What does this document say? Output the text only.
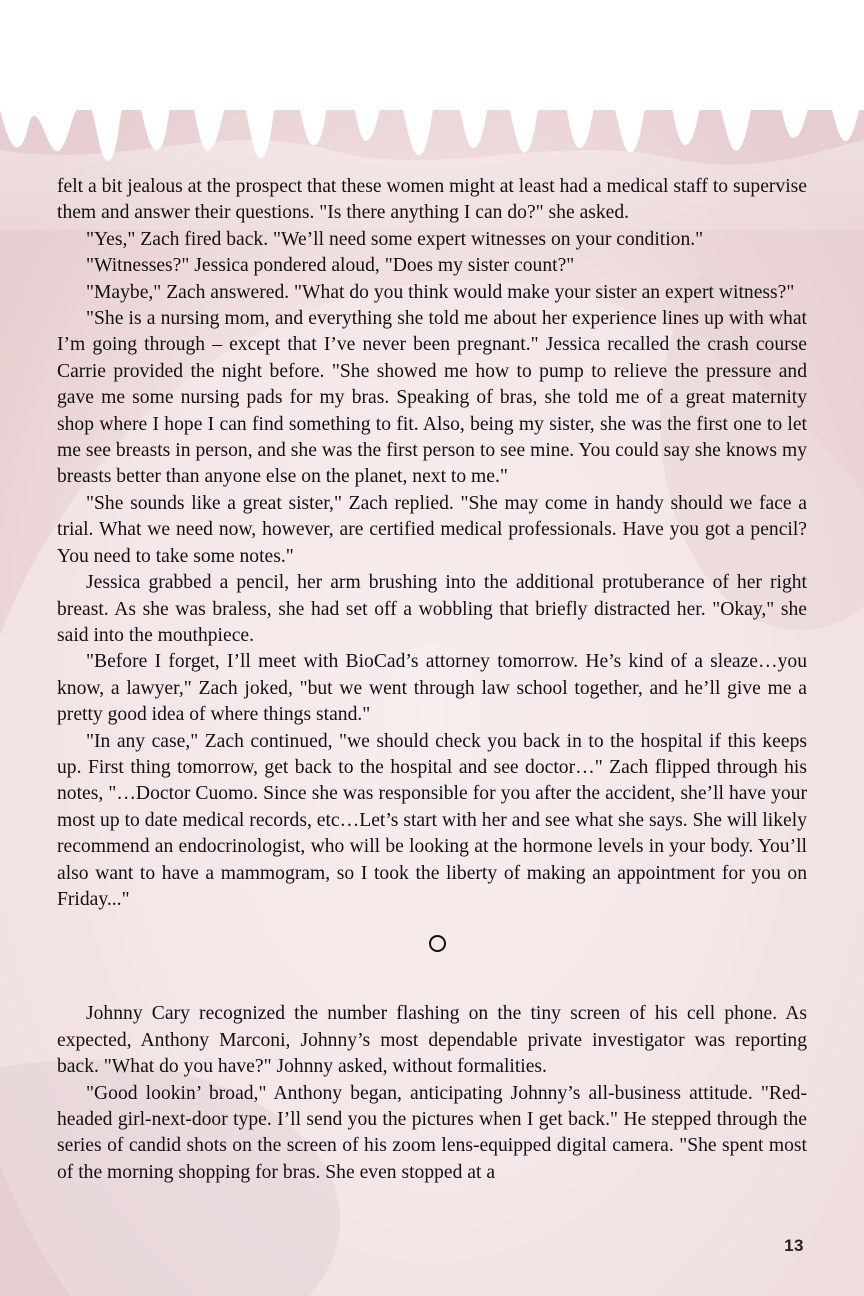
felt a bit jealous at the prospect that these women might at least had a medical staff to supervise them and answer their questions. "Is there anything I can do?" she asked.

"Yes," Zach fired back. "We’ll need some expert witnesses on your condition."

"Witnesses?" Jessica pondered aloud, "Does my sister count?"

"Maybe," Zach answered. "What do you think would make your sister an expert witness?"

"She is a nursing mom, and everything she told me about her experience lines up with what I’m going through – except that I’ve never been pregnant." Jessica recalled the crash course Carrie provided the night before. "She showed me how to pump to relieve the pressure and gave me some nursing pads for my bras. Speaking of bras, she told me of a great maternity shop where I hope I can find something to fit. Also, being my sister, she was the first one to let me see breasts in person, and she was the first person to see mine. You could say she knows my breasts better than anyone else on the planet, next to me."

"She sounds like a great sister," Zach replied. "She may come in handy should we face a trial. What we need now, however, are certified medical professionals. Have you got a pencil? You need to take some notes."

Jessica grabbed a pencil, her arm brushing into the additional protuberance of her right breast. As she was braless, she had set off a wobbling that briefly distracted her. "Okay," she said into the mouthpiece.

"Before I forget, I’ll meet with BioCad’s attorney tomorrow. He’s kind of a sleaze…you know, a lawyer," Zach joked, "but we went through law school together, and he’ll give me a pretty good idea of where things stand."

"In any case," Zach continued, "we should check you back in to the hospital if this keeps up. First thing tomorrow, get back to the hospital and see doctor…" Zach flipped through his notes, "…Doctor Cuomo. Since she was responsible for you after the accident, she’ll have your most up to date medical records, etc…Let’s start with her and see what she says. She will likely recommend an endocrinologist, who will be looking at the hormone levels in your body. You’ll also want to have a mammogram, so I took the liberty of making an appointment for you on Friday..."

Johnny Cary recognized the number flashing on the tiny screen of his cell phone. As expected, Anthony Marconi, Johnny’s most dependable private investigator was reporting back. "What do you have?" Johnny asked, without formalities.

"Good lookin’ broad," Anthony began, anticipating Johnny’s all-business attitude. "Red-headed girl-next-door type. I’ll send you the pictures when I get back." He stepped through the series of candid shots on the screen of his zoom lens-equipped digital camera. "She spent most of the morning shopping for bras. She even stopped at a

13
